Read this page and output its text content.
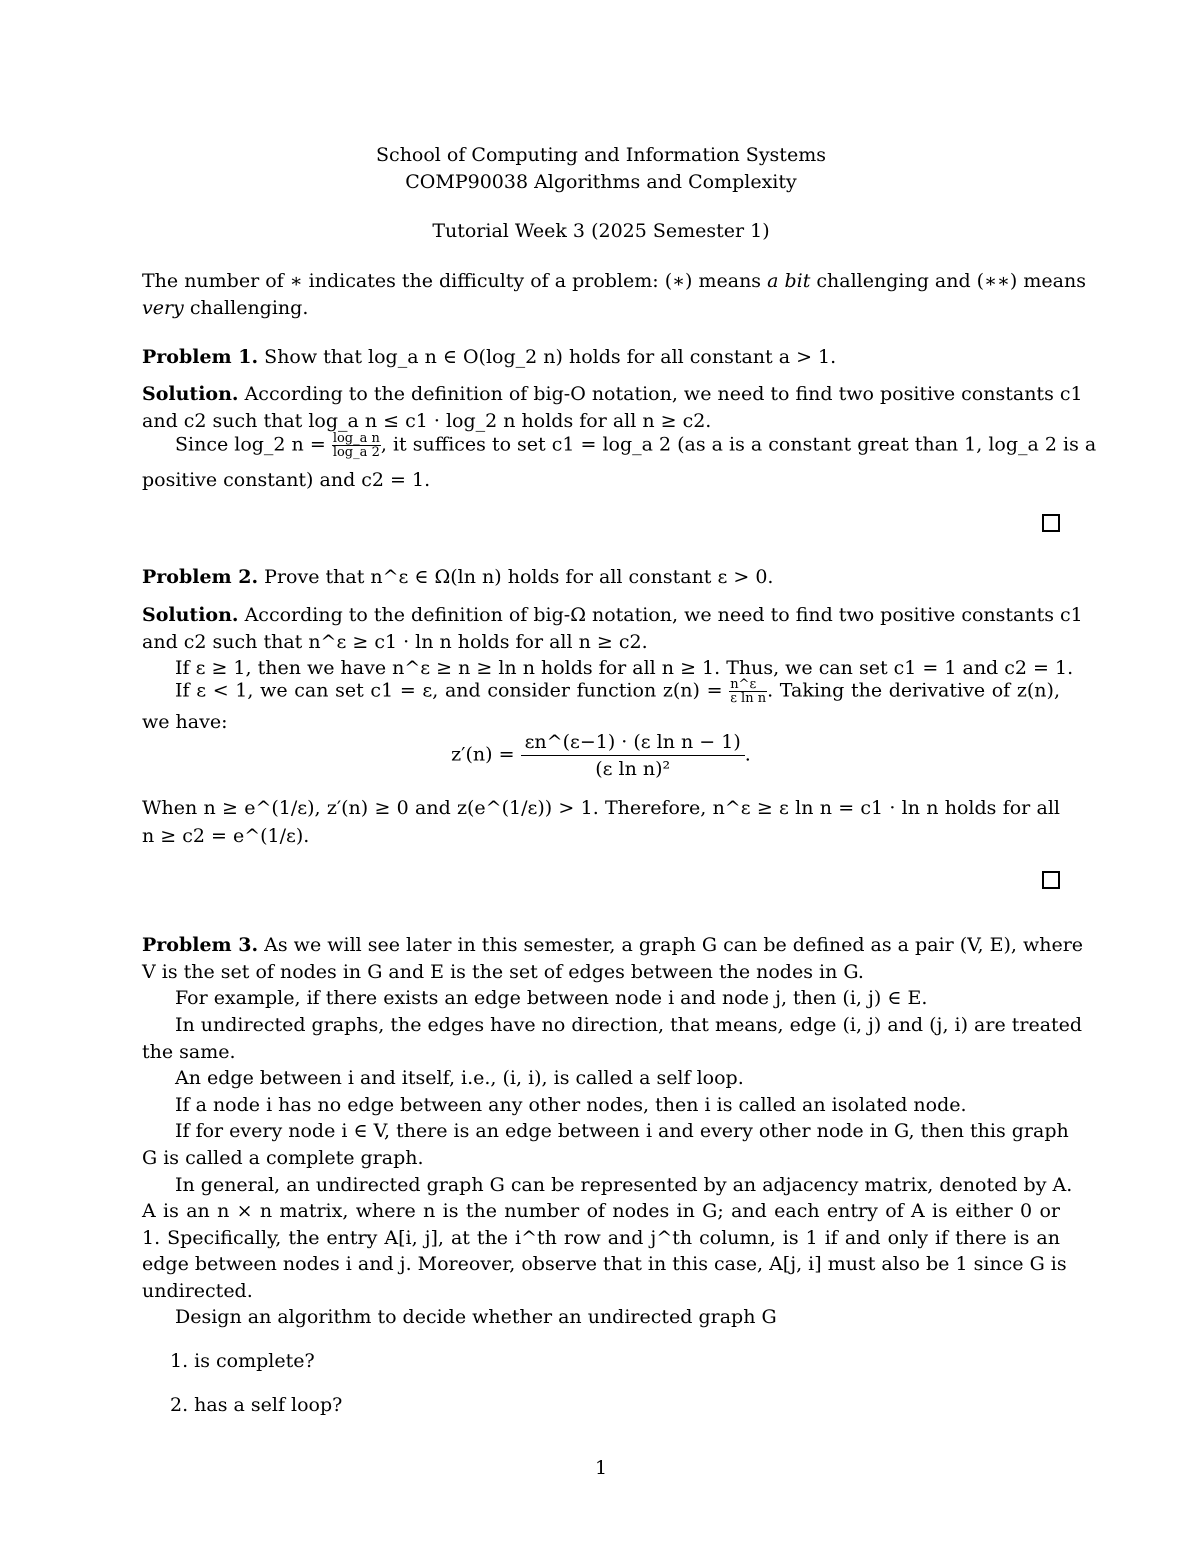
School of Computing and Information Systems
COMP90038 Algorithms and Complexity
Tutorial Week 3 (2025 Semester 1)
The number of ∗ indicates the difficulty of a problem: (∗) means a bit challenging and (∗∗) means
very challenging.
Problem 1. Show that log_a n ∈ O(log_2 n) holds for all constant a > 1.
Solution. According to the definition of big-O notation, we need to find two positive constants c1
and c2 such that log_a n ≤ c1 · log_2 n holds for all n ≥ c2.
Since log_2 $n = \frac{\text{log\_a n}}{\log\_a 2}$ , it suffices to set c1 = log_a 2 (as a is a constant great than 1, log_a 2 is a
positive constant) and c2 = 1.
Problem 2. Prove that n^ε ∈ Ω(ln n) holds for all constant ε > 0.
Solution. According to the definition of big-Ω notation, we need to find two positive constants c1
and c2 such that n^ε ≥ c1 · ln n holds for all n ≥ c2.
If ε ≥ 1, then we have n^ε ≥ n ≥ ln n holds for all n ≥ 1. Thus, we can set c1 = 1 and c2 = 1.
If ε < 1, we can set c1 = ε, and consider function $z(n) = \frac{n\^{}\varepsilon}{\text{ε ln n}}$ . Taking the derivative of z(n),
we have:
$z'(n) = \frac{\text{εn\textasciicircum{}(ε−1) · (ε ln n − 1)}}{\text{(ε ln n)²}}$ .
When n ≥ e^(1/ε), z′(n) ≥ 0 and z(e^(1/ε)) > 1. Therefore, n^ε ≥ ε ln n = c1 · ln n holds for all
n ≥ c2 = e^(1/ε).
Problem 3. As we will see later in this semester, a graph G can be defined as a pair (V, E), where
V is the set of nodes in G and E is the set of edges between the nodes in G.
For example, if there exists an edge between node i and node j, then (i, j) ∈ E.
In undirected graphs, the edges have no direction, that means, edge (i, j) and (j, i) are treated
the same.
An edge between i and itself, i.e., (i, i), is called a self loop.
If a node i has no edge between any other nodes, then i is called an isolated node.
If for every node i ∈ V, there is an edge between i and every other node in G, then this graph
G is called a complete graph.
In general, an undirected graph G can be represented by an adjacency matrix, denoted by A.
A is an n × n matrix, where n is the number of nodes in G; and each entry of A is either 0 or
1. Specifically, the entry A[i, j], at the i^th row and j^th column, is 1 if and only if there is an
edge between nodes i and j. Moreover, observe that in this case, A[j, i] must also be 1 since G is
undirected.
Design an algorithm to decide whether an undirected graph G
1. is complete?
2. has a self loop?
1
